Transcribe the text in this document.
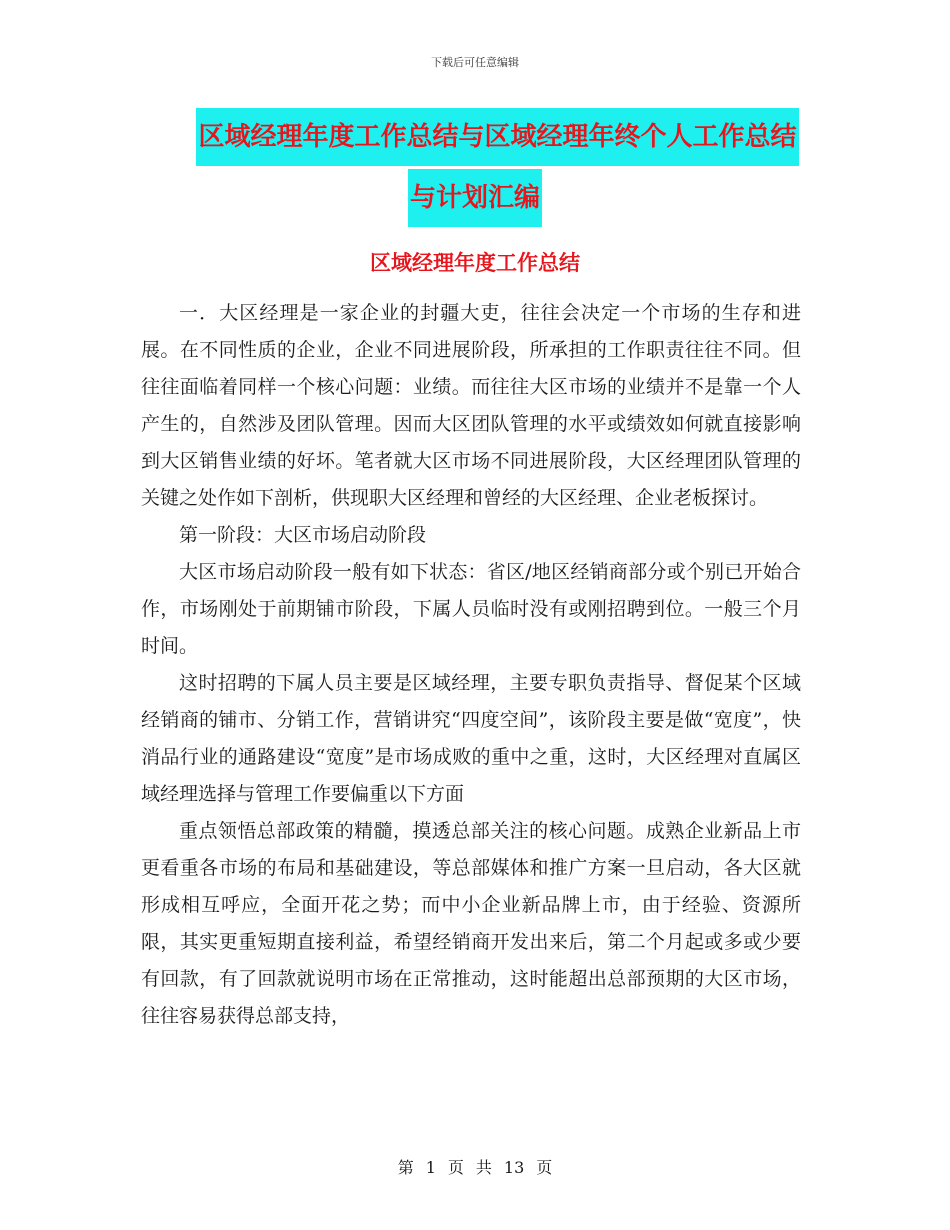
下载后可任意编辑
区域经理年度工作总结与区域经理年终个人工作总结
与计划汇编
区域经理年度工作总结

一．大区经理是一家企业的封疆大吏，往往会决定一个市场的生存和进展。在不同性质的企业，企业不同进展阶段，所承担的工作职责往往不同。但往往面临着同样一个核心问题：业绩。而往往大区市场的业绩并不是靠一个人产生的，自然涉及团队管理。因而大区团队管理的水平或绩效如何就直接影响到大区销售业绩的好坏。笔者就大区市场不同进展阶段，大区经理团队管理的关键之处作如下剖析，供现职大区经理和曾经的大区经理、企业老板探讨。

第一阶段：大区市场启动阶段

大区市场启动阶段一般有如下状态：省区/地区经销商部分或个别已开始合作，市场刚处于前期铺市阶段，下属人员临时没有或刚招聘到位。一般三个月时间。

这时招聘的下属人员主要是区域经理，主要专职负责指导、督促某个区域经销商的铺市、分销工作，营销讲究“四度空间”，该阶段主要是做“宽度”，快消品行业的通路建设“宽度”是市场成败的重中之重，这时，大区经理对直属区域经理选择与管理工作要偏重以下方面

重点领悟总部政策的精髓，摸透总部关注的核心问题。成熟企业新品上市更看重各市场的布局和基础建设，等总部媒体和推广方案一旦启动，各大区就形成相互呼应，全面开花之势；而中小企业新品牌上市，由于经验、资源所限，其实更重短期直接利益，希望经销商开发出来后，第二个月起或多或少要有回款，有了回款就说明市场在正常推动，这时能超出总部预期的大区市场，往往容易获得总部支持，

第 1 页 共 13 页
